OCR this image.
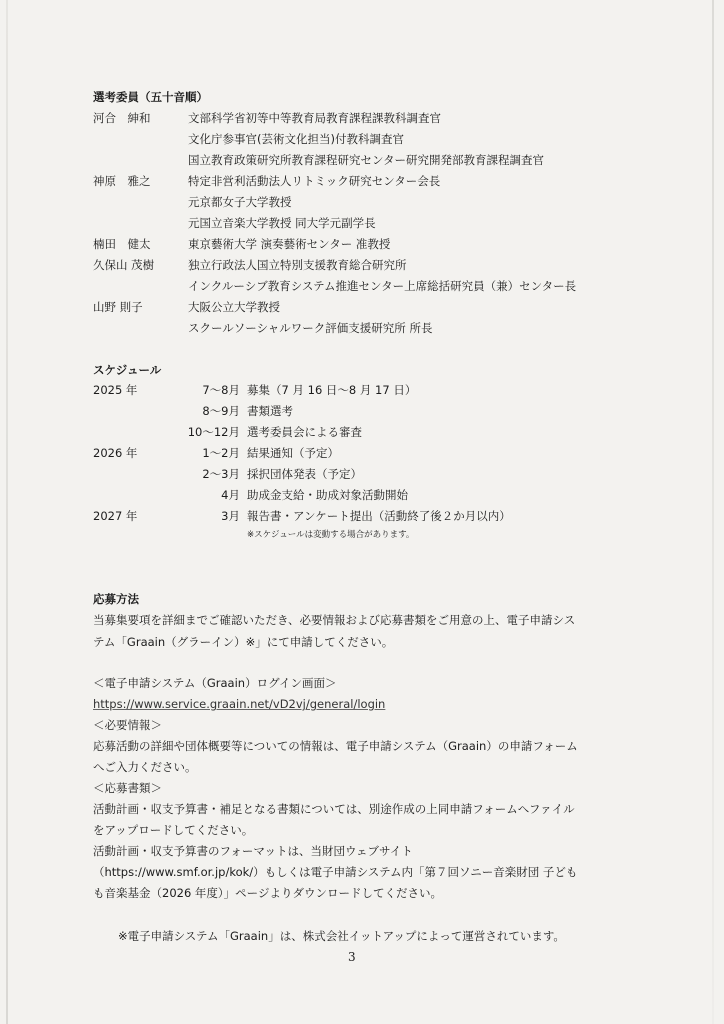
選考委員（五十音順）
河合　紳和	文部科学省初等中等教育局教育課程課教科調査官
文化庁参事官(芸術文化担当)付教科調査官
国立教育政策研究所教育課程研究センター研究開発部教育課程調査官
神原　雅之	特定非営利活動法人リトミック研究センター会長
元京都女子大学教授
元国立音楽大学教授 同大学元副学長
楠田　健太	東京藝術大学 演奏藝術センター 准教授
久保山 茂樹	独立行政法人国立特別支援教育総合研究所
インクルーシブ教育システム推進センター上席総括研究員（兼）センター長
山野 則子	大阪公立大学教授
スクールソーシャルワーク評価支援研究所 所長
スケジュール
2025 年	7～8月 募集（7 月 16 日～8 月 17 日）
8～9月 書類選考
10～12月 選考委員会による審査
2026 年	1～2月 結果通知（予定）
2～3月 採択団体発表（予定）
4月 助成金支給・助成対象活動開始
2027 年	3月 報告書・アンケート提出（活動終了後２か月以内）
※スケジュールは変動する場合があります。
応募方法
当募集要項を詳細までご確認いただき、必要情報および応募書類をご用意の上、電子申請シス
テム「Graain（グラーイン）※」にて申請してください。
＜電子申請システム（Graain）ログイン画面＞
https://www.service.graain.net/vD2vj/general/login
＜必要情報＞
応募活動の詳細や団体概要等についての情報は、電子申請システム（Graain）の申請フォーム
へご入力ください。
＜応募書類＞
活動計画・収支予算書・補足となる書類については、別途作成の上同申請フォームへファイル
をアップロードしてください。
活動計画・収支予算書のフォーマットは、当財団ウェブサイト
（https://www.smf.or.jp/kok/）もしくは電子申請システム内「第７回ソニー音楽財団 子ども
も音楽基金（2026 年度）」ページよりダウンロードしてください。
※電子申請システム「Graain」は、株式会社イットアップによって運営されています。
3
